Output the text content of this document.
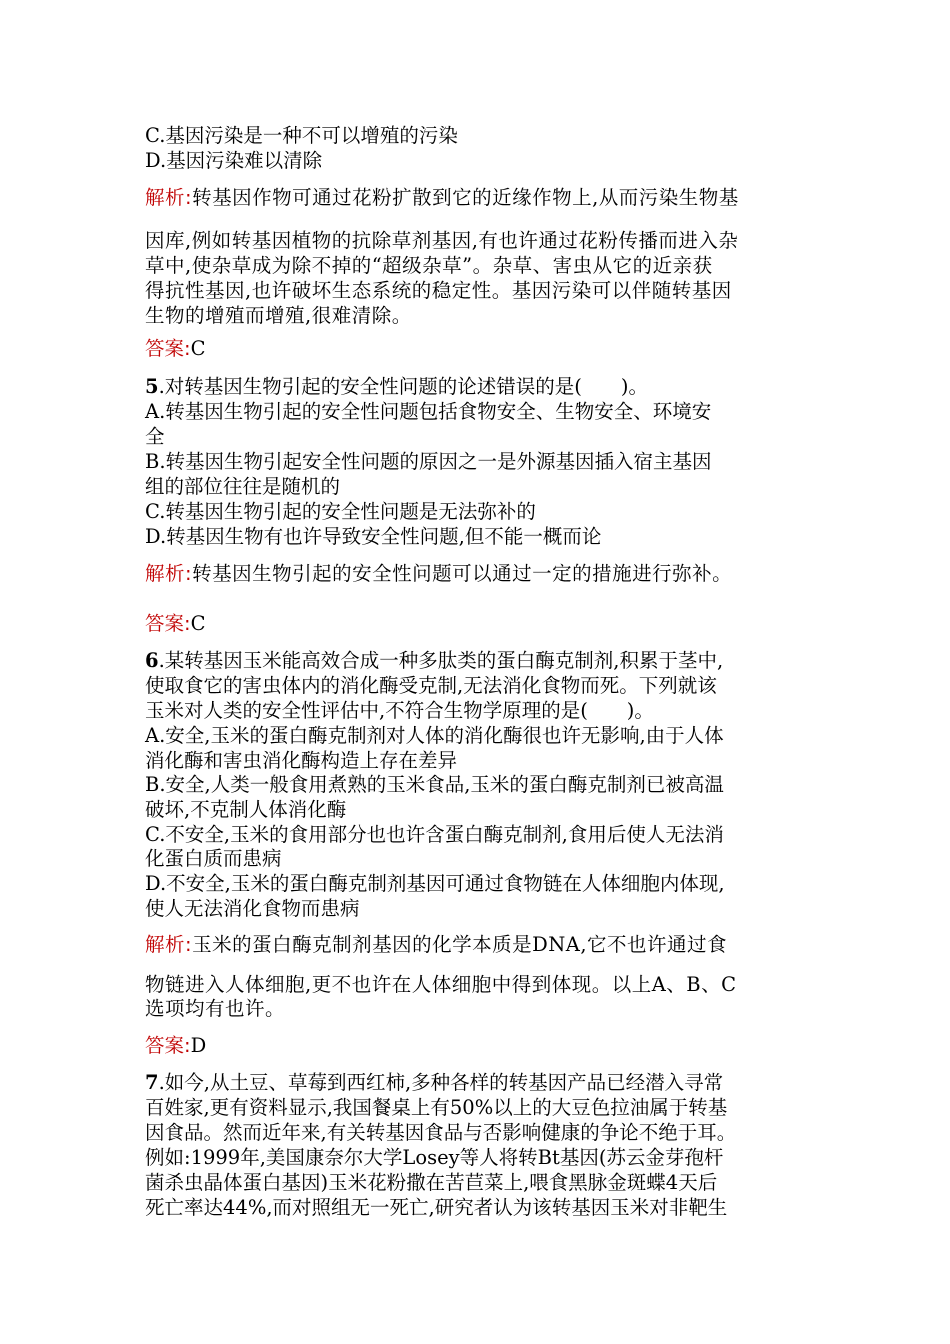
C.基因污染是一种不可以增殖的污染
D.基因污染难以清除
解析:转基因作物可通过花粉扩散到它的近缘作物上,从而污染生物基
因库,例如转基因植物的抗除草剂基因,有也许通过花粉传播而进入杂
草中,使杂草成为除不掉的“超级杂草”。杂草、害虫从它的近亲获
得抗性基因,也许破坏生态系统的稳定性。基因污染可以伴随转基因
生物的增殖而增殖,很难清除。
答案:C
5.对转基因生物引起的安全性问题的论述错误的是(　　)。
A.转基因生物引起的安全性问题包括食物安全、生物安全、环境安
全
B.转基因生物引起安全性问题的原因之一是外源基因插入宿主基因
组的部位往往是随机的
C.转基因生物引起的安全性问题是无法弥补的
D.转基因生物有也许导致安全性问题,但不能一概而论
解析:转基因生物引起的安全性问题可以通过一定的措施进行弥补。
答案:C
6.某转基因玉米能高效合成一种多肽类的蛋白酶克制剂,积累于茎中,
使取食它的害虫体内的消化酶受克制,无法消化食物而死。下列就该
玉米对人类的安全性评估中,不符合生物学原理的是(　　)。
A.安全,玉米的蛋白酶克制剂对人体的消化酶很也许无影响,由于人体
消化酶和害虫消化酶构造上存在差异
B.安全,人类一般食用煮熟的玉米食品,玉米的蛋白酶克制剂已被高温
破坏,不克制人体消化酶
C.不安全,玉米的食用部分也也许含蛋白酶克制剂,食用后使人无法消
化蛋白质而患病
D.不安全,玉米的蛋白酶克制剂基因可通过食物链在人体细胞内体现,
使人无法消化食物而患病
解析:玉米的蛋白酶克制剂基因的化学本质是DNA,它不也许通过食
物链进入人体细胞,更不也许在人体细胞中得到体现。以上A、B、C
选项均有也许。
答案:D
7.如今,从土豆、草莓到西红柿,多种各样的转基因产品已经潜入寻常
百姓家,更有资料显示,我国餐桌上有50%以上的大豆色拉油属于转基
因食品。然而近年来,有关转基因食品与否影响健康的争论不绝于耳。
例如:1999年,美国康奈尔大学Losey等人将转Bt基因(苏云金芽孢杆
菌杀虫晶体蛋白基因)玉米花粉撒在苦苣菜上,喂食黑脉金斑蝶4天后
死亡率达44%,而对照组无一死亡,研究者认为该转基因玉米对非靶生
